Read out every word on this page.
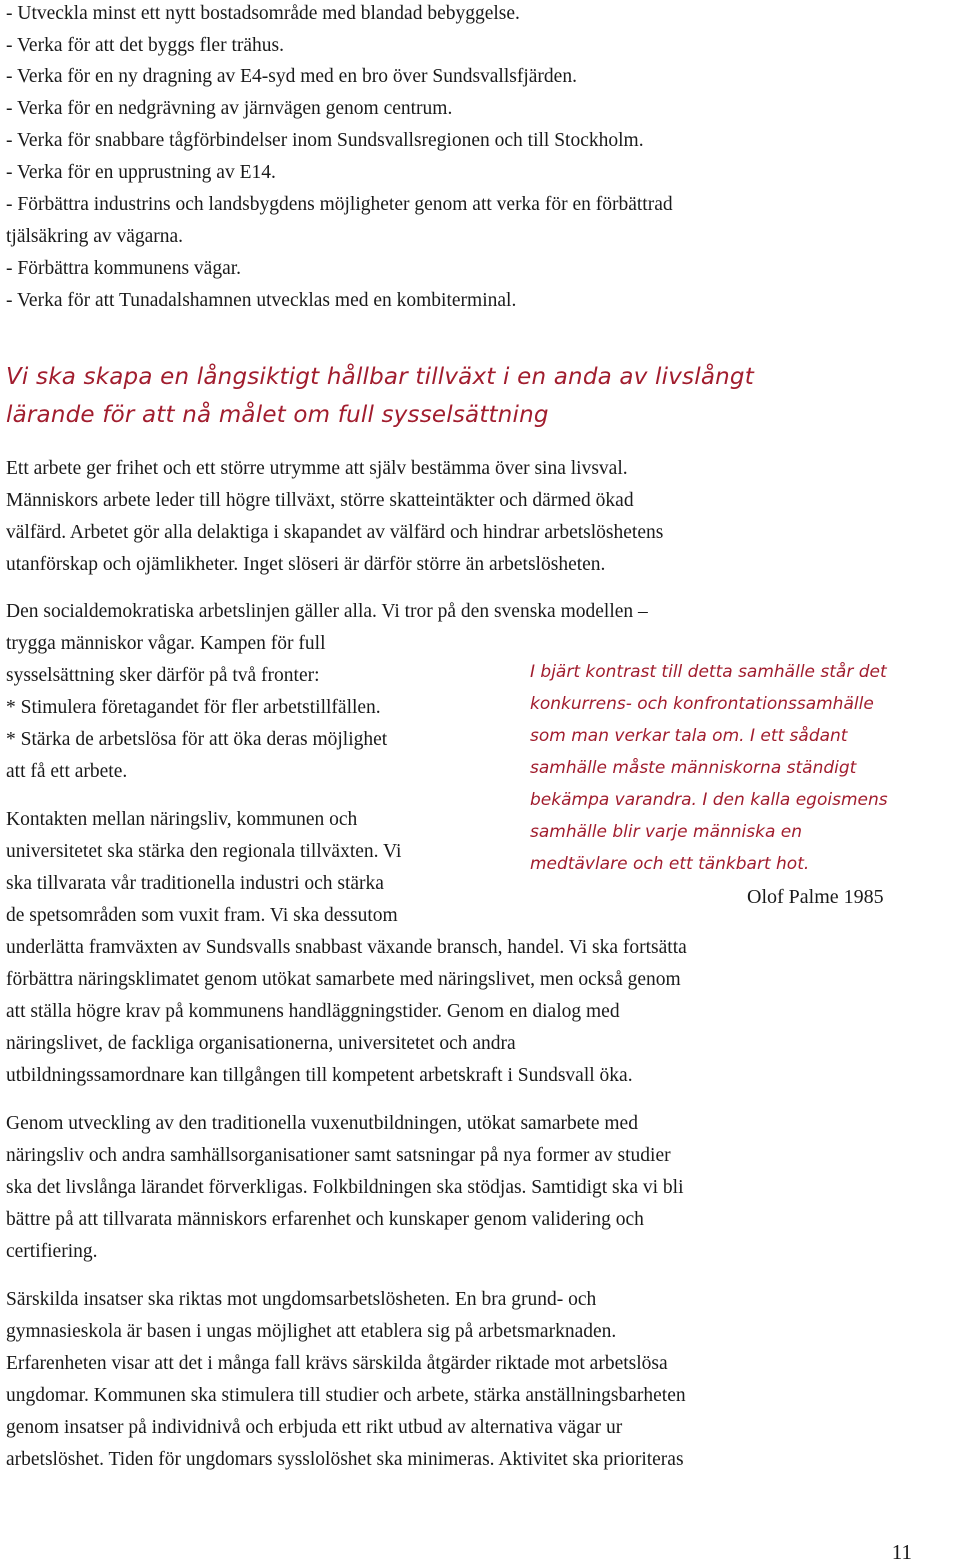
- Utveckla minst ett nytt bostadsområde med blandad bebyggelse.
- Verka för att det byggs fler trähus.
- Verka för en ny dragning av E4-syd med en bro över Sundsvallsfjärden.
- Verka för en nedgrävning av järnvägen genom centrum.
- Verka för snabbare tågförbindelser inom Sundsvallsregionen och till Stockholm.
- Verka för en upprustning av E14.
- Förbättra industrins och landsbygdens möjligheter genom att verka för en förbättrad
tjälsäkring av vägarna.
- Förbättra kommunens vägar.
- Verka för att Tunadalshamnen utvecklas med en kombiterminal.
Vi ska skapa en långsiktigt hållbar tillväxt i en anda av livslångt
lärande för att nå målet om full sysselsättning
Ett arbete ger frihet och ett större utrymme att själv bestämma över sina livsval.
Människors arbete leder till högre tillväxt, större skatteintäkter och därmed ökad
välfärd. Arbetet gör alla delaktiga i skapandet av välfärd och hindrar arbetslöshetens
utanförskap och ojämlikheter. Inget slöseri är därför större än arbetslösheten.
Den socialdemokratiska arbetslinjen gäller alla. Vi tror på den svenska modellen –
trygga människor vågar. Kampen för full
sysselsättning sker därför på två fronter:
* Stimulera företagandet för fler arbetstillfällen.
* Stärka de arbetslösa för att öka deras möjlighet
att få ett arbete.
Kontakten mellan näringsliv, kommunen och
universitetet ska stärka den regionala tillväxten. Vi
ska tillvarata vår traditionella industri och stärka
de spetsområden som vuxit fram. Vi ska dessutom
underlätta framväxten av Sundsvalls snabbast växande bransch, handel. Vi ska fortsätta
förbättra näringsklimatet genom utökat samarbete med näringslivet, men också genom
att ställa högre krav på kommunens handläggningstider. Genom en dialog med
näringslivet, de fackliga organisationerna, universitetet och andra
utbildningssamordnare kan tillgången till kompetent arbetskraft i Sundsvall öka.
I bjärt kontrast till detta samhälle står det
konkurrens- och konfrontationssamhälle
som man verkar tala om. I ett sådant
samhälle måste människorna ständigt
bekämpa varandra. I den kalla egoismens
samhälle blir varje människa en
medtävlare och ett tänkbart hot.
Olof Palme 1985
Genom utveckling av den traditionella vuxenutbildningen, utökat samarbete med
näringsliv och andra samhällsorganisationer samt satsningar på nya former av studier
ska det livslånga lärandet förverkligas. Folkbildningen ska stödjas. Samtidigt ska vi bli
bättre på att tillvarata människors erfarenhet och kunskaper genom validering och
certifiering.
Särskilda insatser ska riktas mot ungdomsarbetslösheten. En bra grund- och
gymnasieskola är basen i ungas möjlighet att etablera sig på arbetsmarknaden.
Erfarenheten visar att det i många fall krävs särskilda åtgärder riktade mot arbetslösa
ungdomar. Kommunen ska stimulera till studier och arbete, stärka anställningsbarheten
genom insatser på individnivå och erbjuda ett rikt utbud av alternativa vägar ur
arbetslöshet. Tiden för ungdomars sysslolöshet ska minimeras. Aktivitet ska prioriteras
11
